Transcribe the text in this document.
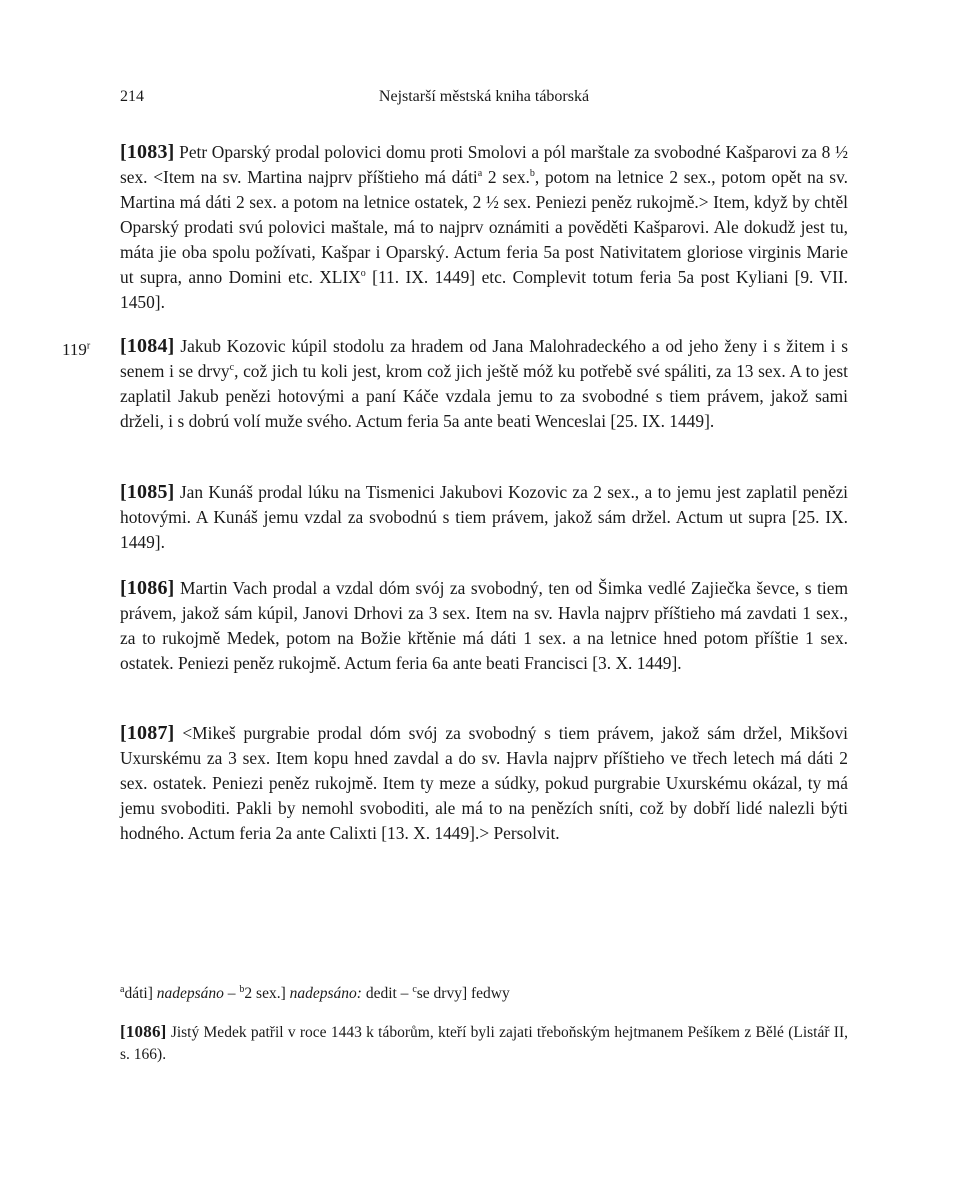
214	Nejstarší městská kniha táborská
119$^r$

[1083] Petr Oparský prodal polovici domu proti Smolovi a pól marštale za svobodné Kašparovi za 8 ½ sex. <Item na sv. Martina najprv příštieho má dáti$^a$ 2 sex.$^b$, potom na letnice 2 sex., potom opět na sv. Martina má dáti 2 sex. a potom na letnice ostatek, 2 ½ sex. Peniezi peněz rukojmě.> Item, když by chtěl Oparský prodati svú polovici maštale, má to najprv oznámiti a pověděti Kašparovi. Ale dokudž jest tu, máta jie oba spolu požívati, Kašpar i Oparský. Actum feria 5a post Nativitatem gloriose virginis Marie ut supra, anno Domini etc. XLIX$^o$ [11. IX. 1449] etc. Complevit totum feria 5a post Kyliani [9. VII. 1450].

[1084] Jakub Kozovic kúpil stodolu za hradem od Jana Malohradeckého a od jeho ženy i s žitem i s senem i se drvy$^c$, což jich tu koli jest, krom což jich ještě móž ku potřebě své spáliti, za 13 sex. A to jest zaplatil Jakub penězi hotovými a paní Káče vzdala jemu to za svobodné s tiem právem, jakož sami drželi, i s dobrú volí muže svého. Actum feria 5a ante beati Wenceslai [25. IX. 1449].

[1085] Jan Kunáš prodal lúku na Tismenici Jakubovi Kozovic za 2 sex., a to jemu jest zaplatil penězi hotovými. A Kunáš jemu vzdal za svobodnú s tiem právem, jakož sám držel. Actum ut supra [25. IX. 1449].

[1086] Martin Vach prodal a vzdal dóm svój za svobodný, ten od Šimka vedlé Zajiečka ševce, s tiem právem, jakož sám kúpil, Janovi Drhovi za 3 sex. Item na sv. Havla najprv příštieho má zavdati 1 sex., za to rukojmě Medek, potom na Božie křtěnie má dáti 1 sex. a na letnice hned potom příštie 1 sex. ostatek. Peniezi peněz rukojmě. Actum feria 6a ante beati Francisci [3. X. 1449].

[1087] <Mikeš purgrabie prodal dóm svój za svobodný s tiem právem, jakož sám držel, Mikšovi Uxurskému za 3 sex. Item kopu hned zavdal a do sv. Havla najprv příštieho ve třech letech má dáti 2 sex. ostatek. Peniezi peněz rukojmě. Item ty meze a súdky, pokud purgrabie Uxurskému okázal, ty má jemu svoboditi. Pakli by nemohl svoboditi, ale má to na penězích sníti, což by dobří lidé nalezli býti hodného. Actum feria 2a ante Calixti [13. X. 1449].> Persolvit.

$^a$dáti] nadepsáno – $^b$2 sex.] nadepsáno: dedit – $^c$se drvy] fedwy

[1086] Jistý Medek patřil v roce 1443 k táborům, kteří byli zajati třeboňským hejtmanem Pešíkem z Bělé (Listář II, s. 166).
